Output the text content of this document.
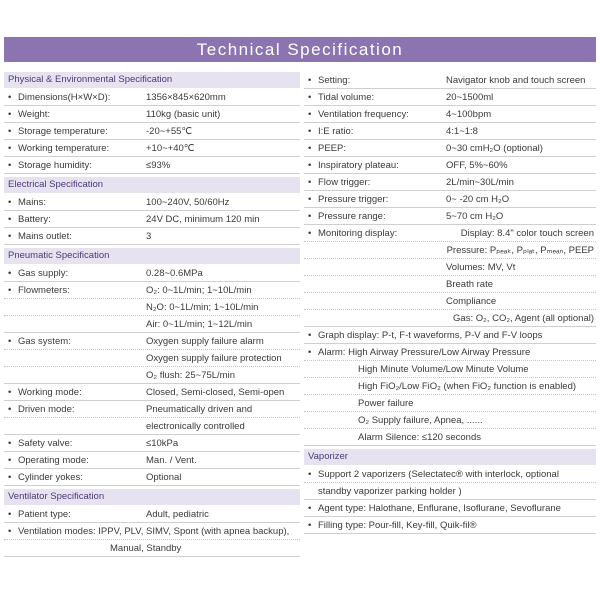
Technical Specification
Physical & Environmental Specification
• Dimensions(H×W×D):	1356×845×620mm
• Weight:	110kg (basic unit)
• Storage temperature:	-20~+55℃
• Working temperature:	+10~+40℃
• Storage humidity:	≤93%
Electrical Specification
• Mains:	100~240V, 50/60Hz
• Battery:	24V DC, minimum 120 min
• Mains outlet:	3
Pneumatic Specification
• Gas supply:	0.28~0.6MPa
• Flowmeters:	O₂: 0~1L/min; 1~10L/min
N₂O: 0~1L/min; 1~10L/min
Air: 0~1L/min; 1~12L/min
• Gas system:	Oxygen supply failure alarm
Oxygen supply failure protection
O₂ flush: 25~75L/min
• Working mode:	Closed, Semi-closed, Semi-open
• Driven mode:	Pneumatically driven and
electronically controlled
• Safety valve:	≤10kPa
• Operating mode:	Man. / Vent.
• Cylinder yokes:	Optional
Ventilator Specification
• Patient type:	Adult, pediatric
• Ventilation modes: IPPV, PLV, SIMV, Spont (with apnea backup),
Manual, Standby
• Setting:	Navigator knob and touch screen
• Tidal volume:	20~1500ml
• Ventilation frequency:	4~100bpm
• I:E ratio:	4:1~1:8
• PEEP:	0~30 cmH₂O (optional)
• Inspiratory plateau:	OFF, 5%~60%
• Flow trigger:	2L/min~30L/min
• Pressure trigger:	0~ -20 cm H₂O
• Pressure range:	5~70 cm H₂O
• Monitoring display:	Display: 8.4" color touch screen
Pressure: Pₚₑₐₖ, Pₚₗₐₜ, Pₘₑₐₙ, PEEP
Volumes: MV, Vt
Breath rate
Compliance
Gas: O₂, CO₂, Agent (all optional)
• Graph display: P-t, F-t waveforms, P-V and F-V loops
• Alarm: High Airway Pressure/Low Airway Pressure
High Minute Volume/Low Minute Volume
High FiO₂/Low FiO₂ (when FiO₂ function is enabled)
Power failure
O₂ Supply failure, Apnea, ......
Alarm Silence: ≤120 seconds
Vaporizer
• Support 2 vaporizers (Selectatec® with interlock, optional
standby vaporizer parking holder )
• Agent type: Halothane, Enflurane, Isoflurane, Sevoflurane
• Filling type: Pour-fill, Key-fill, Quik-fil®
